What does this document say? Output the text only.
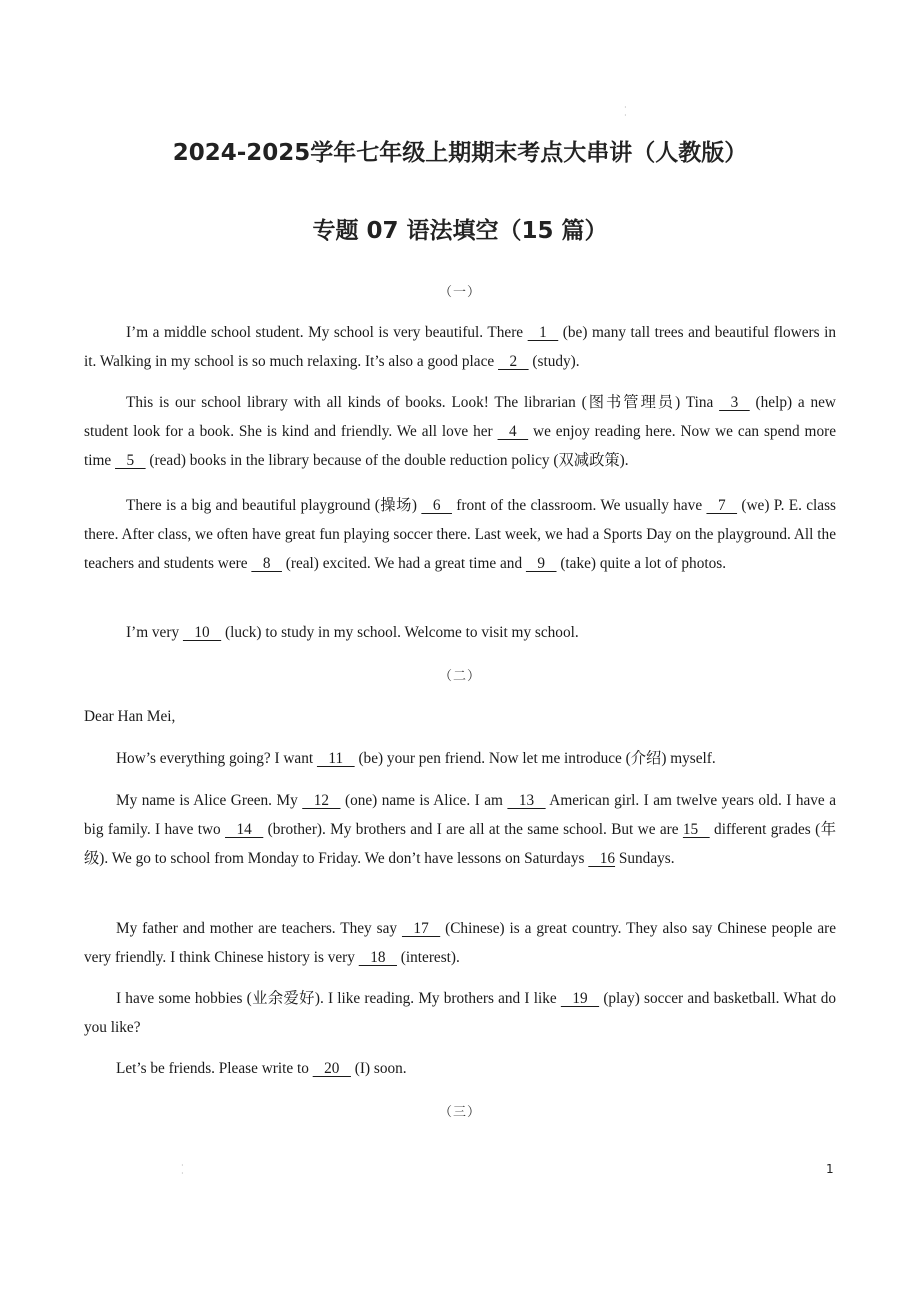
·
·
2024-2025学年七年级上期期末考点大串讲（人教版）
专题 07 语法填空（15 篇）
（一）

I’m a middle school student. My school is very beautiful. There    1    (be) many tall trees and beautiful flowers in it. Walking in my school is so much relaxing. It’s also a good place    2    (study).

This is our school library with all kinds of books. Look! The librarian (图书管理员) Tina    3    (help) a new student look for a book. She is kind and friendly. We all love her    4    we enjoy reading here. Now we can spend more time    5    (read) books in the library because of the double reduction policy (双减政策).

There is a big and beautiful playground (操场)    6    front of the classroom. We usually have    7    (we) P. E. class there. After class, we often have great fun playing soccer there. Last week, we had a Sports Day on the playground. All the teachers and students were    8    (real) excited. We had a great time and    9    (take) quite a lot of photos.

I’m very    10    (luck) to study in my school. Welcome to visit my school.

（二）

Dear Han Mei,

How’s everything going? I want    11    (be) your pen friend. Now let me introduce (介绍) myself.

My name is Alice Green. My    12    (one) name is Alice. I am    13    American girl. I am twelve years old. I have a big family. I have two    14    (brother). My brothers and I are all at the same school. But we are 15    different grades (年级). We go to school from Monday to Friday. We don’t have lessons on Saturdays    16 Sundays.

My father and mother are teachers. They say    17    (Chinese) is a great country. They also say Chinese people are very friendly. I think Chinese history is very    18    (interest).

I have some hobbies (业余爱好). I like reading. My brothers and I like    19    (play) soccer and basketball. What do you like?

Let’s be friends. Please write to    20    (I) soon.

（三）
·
·	1
